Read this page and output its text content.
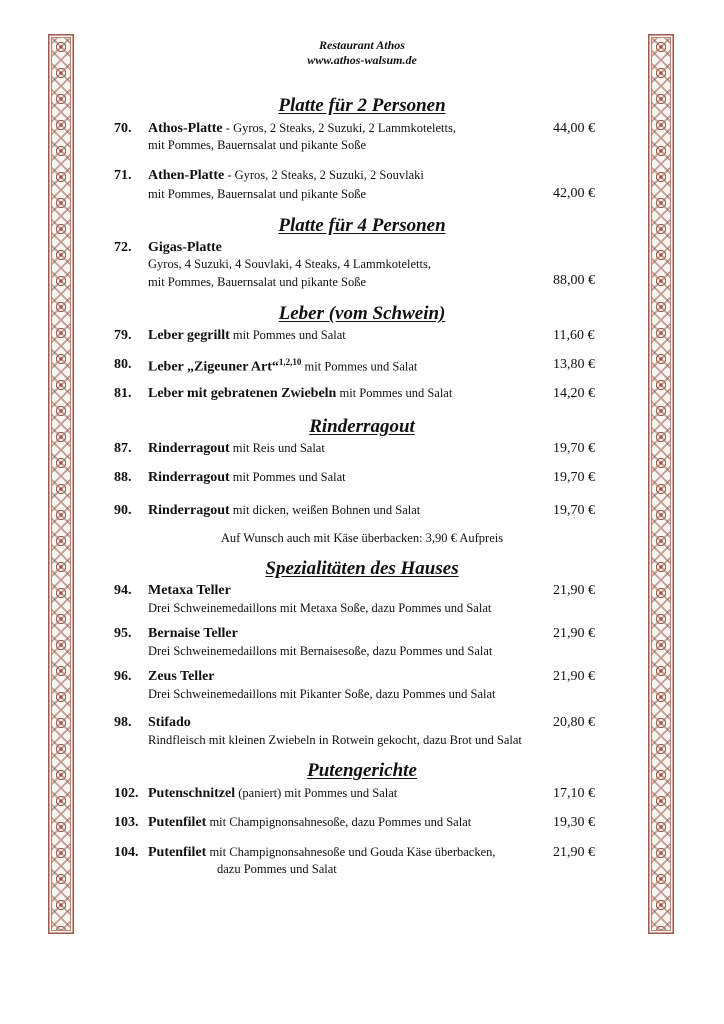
Restaurant Athos
www.athos-walsum.de
Platte für 2 Personen
70. Athos-Platte - Gyros, 2 Steaks, 2 Suzuki, 2 Lammkoteletts,	44,00 €
mit Pommes, Bauernsalat und pikante Soße
71. Athen-Platte - Gyros, 2 Steaks, 2 Suzuki, 2 Souvlaki
mit Pommes, Bauernsalat und pikante Soße	42,00 €
Platte für 4 Personen
72. Gigas-Platte
Gyros, 4 Suzuki, 4 Souvlaki, 4 Steaks, 4 Lammkoteletts,
mit Pommes, Bauernsalat und pikante Soße	88,00 €
Leber (vom Schwein)
79. Leber gegrillt mit Pommes und Salat	11,60 €
80. Leber „Zigeuner Art“$^{1,2,10}$ mit Pommes und Salat	13,80 €
81. Leber mit gebratenen Zwiebeln mit Pommes und Salat	14,20 €
Rinderragout
87. Rinderragout mit Reis und Salat	19,70 €
88. Rinderragout mit Pommes und Salat	19,70 €
90. Rinderragout mit dicken, weißen Bohnen und Salat	19,70 €
Auf Wunsch auch mit Käse überbacken: 3,90 € Aufpreis
Spezialitäten des Hauses
94. Metaxa Teller	21,90 €
Drei Schweinemedaillons mit Metaxa Soße, dazu Pommes und Salat
95. Bernaise Teller	21,90 €
Drei Schweinemedaillons mit Bernaisesoße, dazu Pommes und Salat
96. Zeus Teller	21,90 €
Drei Schweinemedaillons mit Pikanter Soße, dazu Pommes und Salat
98. Stifado	20,80 €
Rindfleisch mit kleinen Zwiebeln in Rotwein gekocht, dazu Brot und Salat
Putengerichte
102. Putenschnitzel (paniert) mit Pommes und Salat	17,10 €
103. Putenfilet mit Champignonsahnesoße, dazu Pommes und Salat	19,30 €
104. Putenfilet mit Champignonsahnesoße und Gouda Käse überbacken,	21,90 €
dazu Pommes und Salat
